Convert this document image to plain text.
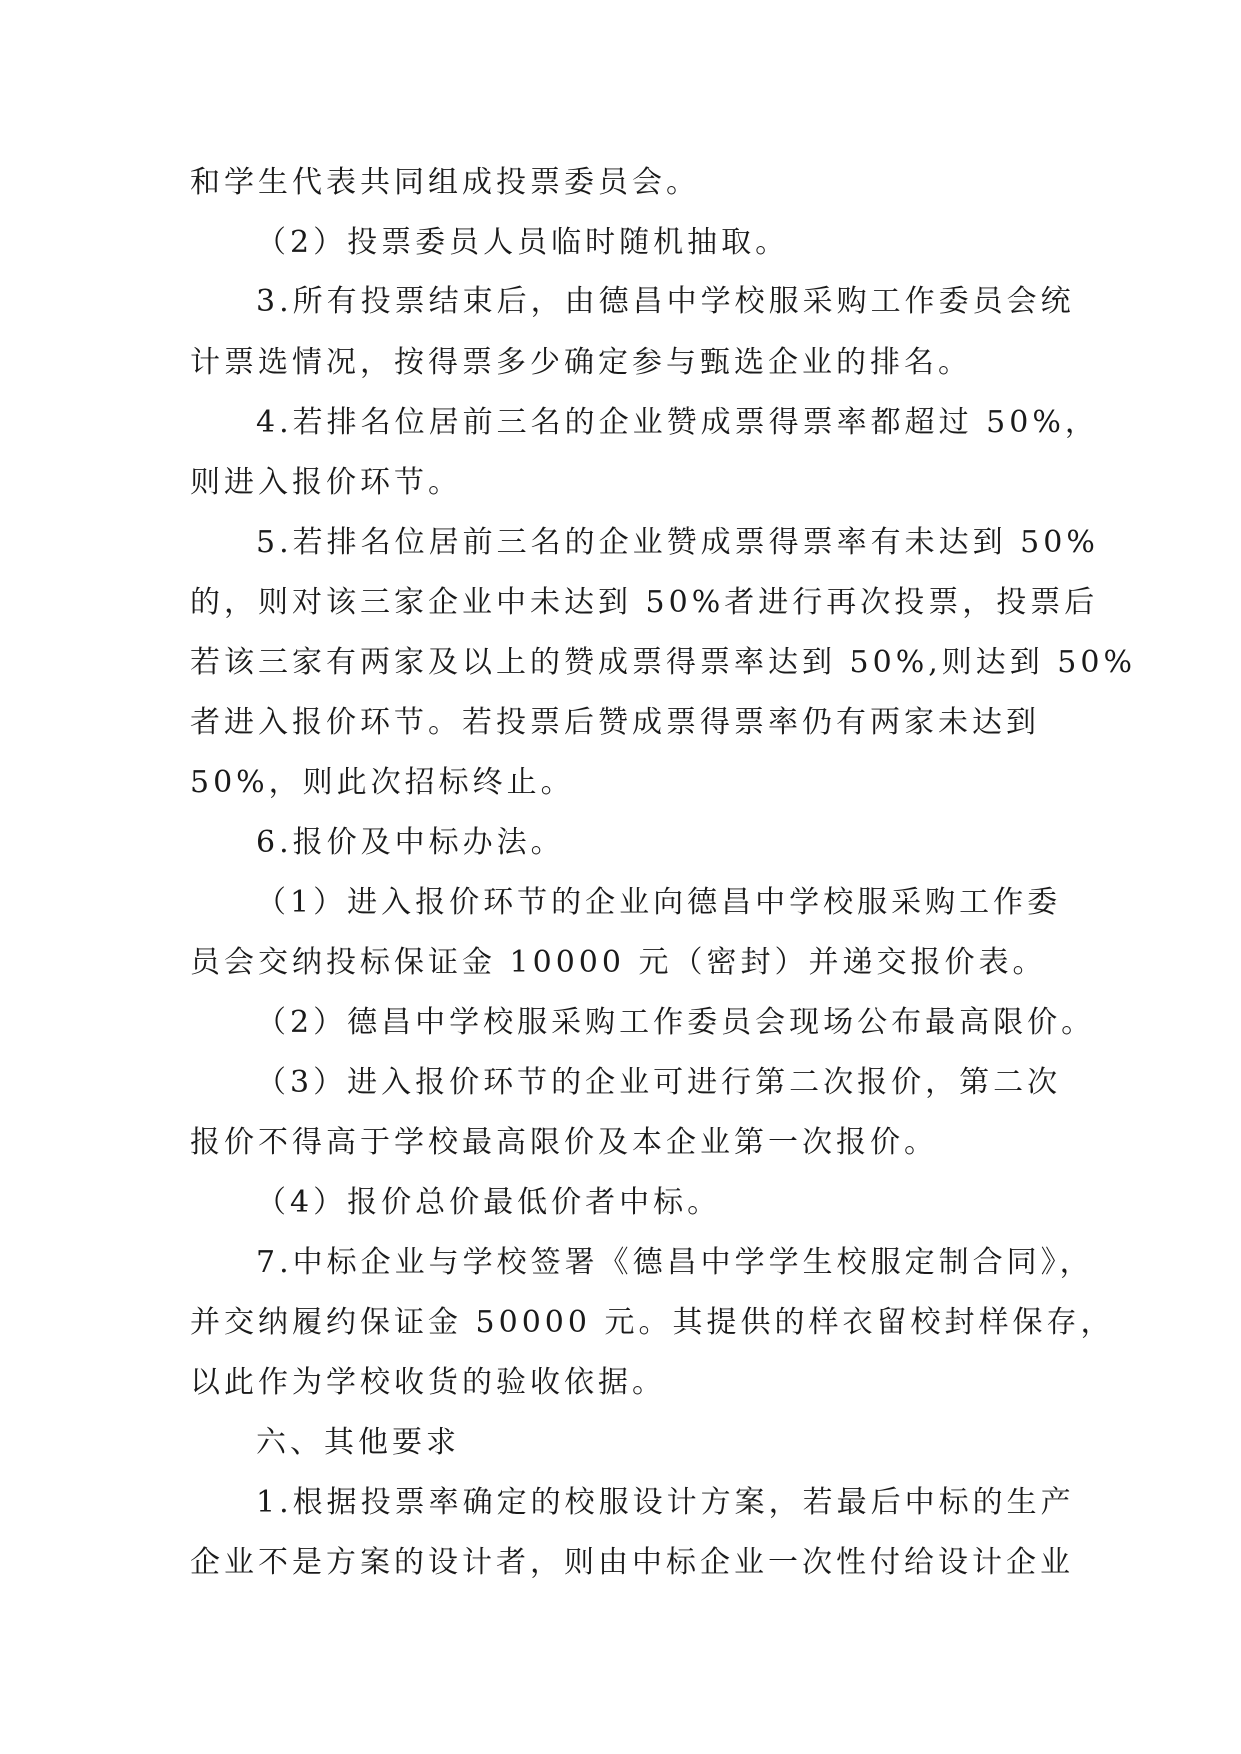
和学生代表共同组成投票委员会。
（2）投票委员人员临时随机抽取。
3.所有投票结束后，由德昌中学校服采购工作委员会统
计票选情况，按得票多少确定参与甄选企业的排名。
4.若排名位居前三名的企业赞成票得票率都超过 50%，
则进入报价环节。
5.若排名位居前三名的企业赞成票得票率有未达到 50%
的，则对该三家企业中未达到 50%者进行再次投票，投票后
若该三家有两家及以上的赞成票得票率达到 50%,则达到 50%
者进入报价环节。若投票后赞成票得票率仍有两家未达到
50%，则此次招标终止。
6.报价及中标办法。
（1）进入报价环节的企业向德昌中学校服采购工作委
员会交纳投标保证金 10000 元（密封）并递交报价表。
（2）德昌中学校服采购工作委员会现场公布最高限价。
（3）进入报价环节的企业可进行第二次报价，第二次
报价不得高于学校最高限价及本企业第一次报价。
（4）报价总价最低价者中标。
7.中标企业与学校签署《德昌中学学生校服定制合同》，
并交纳履约保证金 50000 元。其提供的样衣留校封样保存，
以此作为学校收货的验收依据。
六、其他要求
1.根据投票率确定的校服设计方案，若最后中标的生产
企业不是方案的设计者，则由中标企业一次性付给设计企业
